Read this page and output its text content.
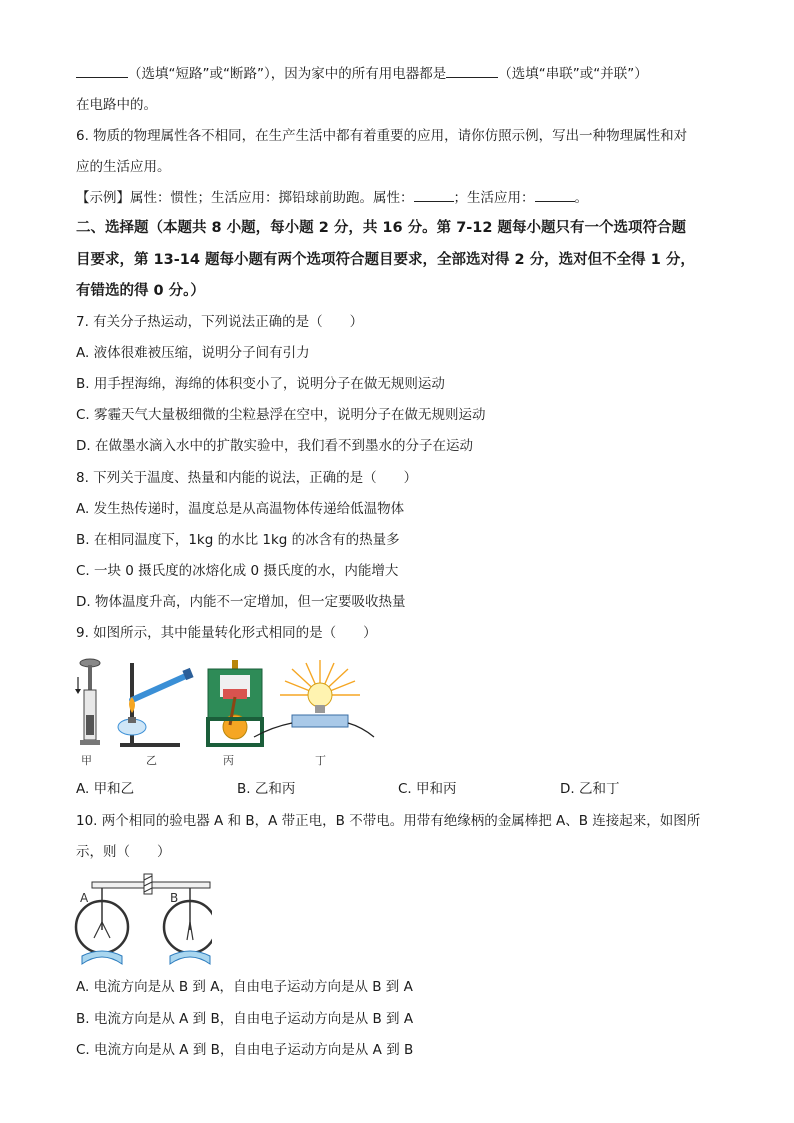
（选填“短路”或“断路”），因为家中的所有用电器都是	（选填“串联”或“并联”）
在电路中的。
6. 物质的物理属性各不相同，在生产生活中都有着重要的应用，请你仿照示例，写出一种物理属性和对
应的生活应用。
【示例】属性：惯性；生活应用：掷铅球前助跑。属性：	；生活应用：	。
二、选择题（本题共 8 小题，每小题 2 分，共 16 分。第 7-12 题每小题只有一个选项符合题
目要求，第 13-14 题每小题有两个选项符合题目要求，全部选对得 2 分，选对但不全得 1 分，
有错选的得 0 分。）
7. 有关分子热运动，下列说法正确的是（　　）
A. 液体很难被压缩，说明分子间有引力
B. 用手捏海绵，海绵的体积变小了，说明分子在做无规则运动
C. 雾霾天气大量极细微的尘粒悬浮在空中，说明分子在做无规则运动
D. 在做墨水滴入水中的扩散实验中，我们看不到墨水的分子在运动
8. 下列关于温度、热量和内能的说法，正确的是（　　）
A. 发生热传递时，温度总是从高温物体传递给低温物体
B. 在相同温度下，1kg 的水比 1kg 的冰含有的热量多
C. 一块 0 摄氏度的冰熔化成 0 摄氏度的水，内能增大
D. 物体温度升高，内能不一定增加，但一定要吸收热量
9. 如图所示，其中能量转化形式相同的是（　　）
甲	乙	丙	丁
A. 甲和乙	B. 乙和丙	C. 甲和丙	D. 乙和丁
10. 两个相同的验电器 A 和 B，A 带正电，B 不带电。用带有绝缘柄的金属棒把 A、B 连接起来，如图所
示，则（　　）
A	B
A. 电流方向是从 B 到 A，自由电子运动方向是从 B 到 A
B. 电流方向是从 A 到 B，自由电子运动方向是从 B 到 A
C. 电流方向是从 A 到 B，自由电子运动方向是从 A 到 B
